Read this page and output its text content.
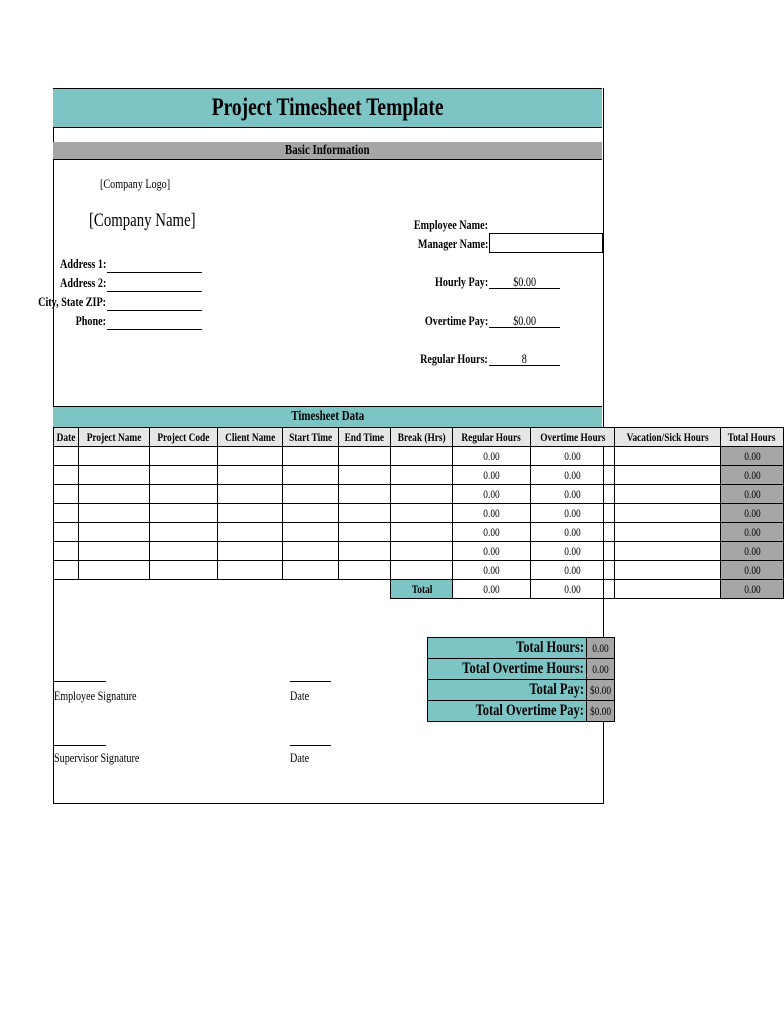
Project Timesheet Template
Basic Information
[Company Logo]
[Company Name]
Address 1:
Address 2:
City, State ZIP:
Phone:
Employee Name:
Manager Name:
Hourly Pay:	$0.00
Overtime Pay:	$0.00
Regular Hours:	8
Timesheet Data
Date	Project Name	Project Code	Client Name	Start Time	End Time	Break (Hrs)	Regular Hours	Overtime Hours	Vacation/Sick Hours	Total Hours
							0.00	0.00		0.00
							0.00	0.00		0.00
							0.00	0.00		0.00
							0.00	0.00		0.00
							0.00	0.00		0.00
							0.00	0.00		0.00
							0.00	0.00		0.00
						Total	0.00	0.00		0.00
Total Hours:	0.00
Total Overtime Hours:	0.00
Total Pay:	$0.00
Total Overtime Pay:	$0.00
Employee Signature	Date
Supervisor Signature	Date
